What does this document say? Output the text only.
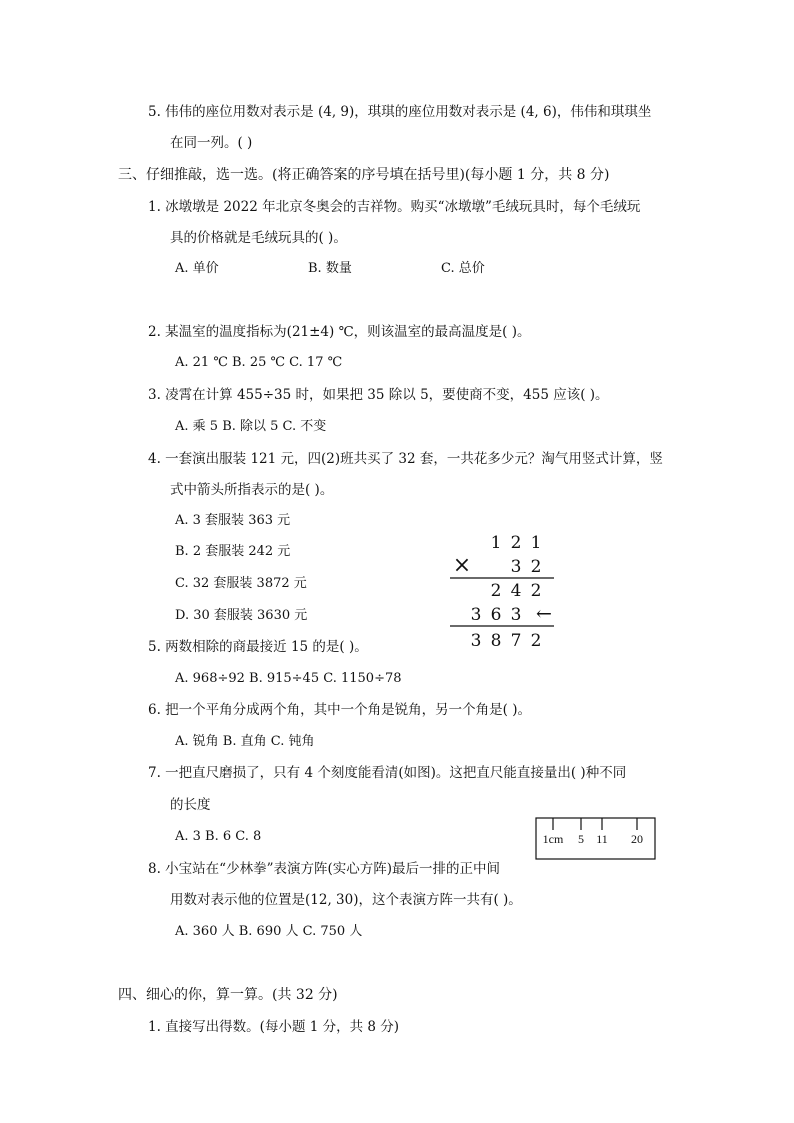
5. 伟伟的座位用数对表示是 (4, 9)，琪琪的座位用数对表示是 (4, 6)，伟伟和琪琪坐
在同一列。( )
三、仔细推敲，选一选。(将正确答案的序号填在括号里)(每小题 1 分，共 8 分)
1. 冰墩墩是 2022 年北京冬奥会的吉祥物。购买“冰墩墩”毛绒玩具时，每个毛绒玩
具的价格就是毛绒玩具的( )。
A. 单价	B. 数量	C. 总价
2. 某温室的温度指标为(21±4) ℃，则该温室的最高温度是( )。
A. 21 ℃ B. 25 ℃ C. 17 ℃
3. 凌霄在计算 455÷35 时，如果把 35 除以 5，要使商不变，455 应该( )。
A. 乘 5 B. 除以 5 C. 不变
4. 一套演出服装 121 元，四(2)班共买了 32 套，一共花多少元？淘气用竖式计算，竖
式中箭头所指表示的是( )。
A. 3 套服装 363 元
B. 2 套服装 242 元
C. 32 套服装 3872 元
D. 30 套服装 3630 元
1 2 1
× 3 2
2 4 2
3 6 3 ←
3 8 7 2
5. 两数相除的商最接近 15 的是( )。
A. 968÷92 B. 915÷45 C. 1150÷78
6. 把一个平角分成两个角，其中一个角是锐角，另一个角是( )。
A. 锐角 B. 直角 C. 钝角
7. 一把直尺磨损了，只有 4 个刻度能看清(如图)。这把直尺能直接量出( )种不同
的长度
A. 3 B. 6 C. 8	1cm 5 11 20
8. 小宝站在“少林拳”表演方阵(实心方阵)最后一排的正中间
用数对表示他的位置是(12, 30)，这个表演方阵一共有( )。
A. 360 人 B. 690 人 C. 750 人
四、细心的你，算一算。(共 32 分)
1. 直接写出得数。(每小题 1 分，共 8 分)
